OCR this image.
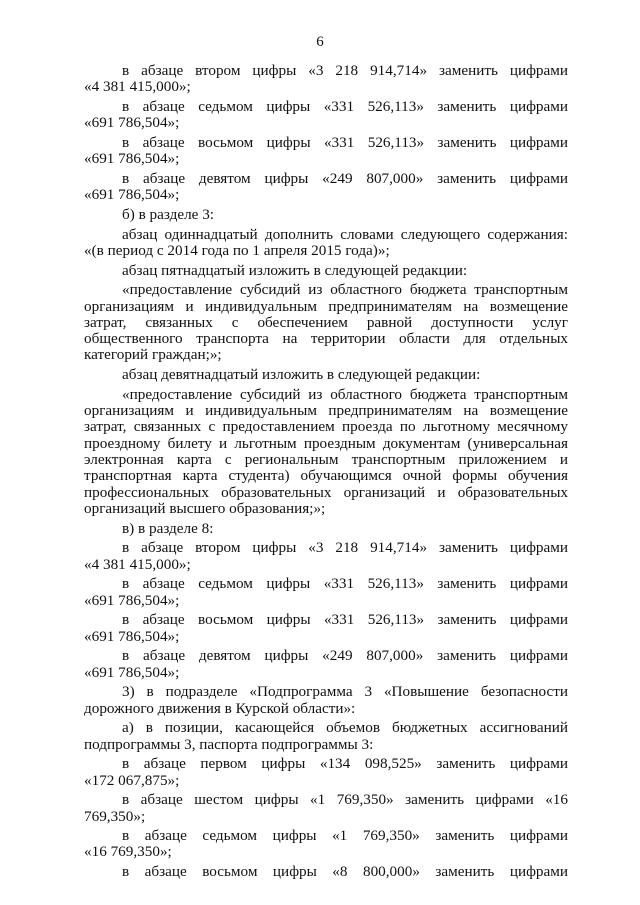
6

в абзаце втором цифры «3 218 914,714» заменить цифрами

«4 381 415,000»;

в абзаце седьмом цифры «331 526,113» заменить цифрами

«691 786,504»;

в абзаце восьмом цифры «331 526,113» заменить цифрами

«691 786,504»;

в абзаце девятом цифры «249 807,000» заменить цифрами

«691 786,504»;

б) в разделе 3:

абзац одиннадцатый дополнить словами следующего содержания: «(в период с 2014 года по 1 апреля 2015 года)»;

абзац пятнадцатый изложить в следующей редакции:

«предоставление субсидий из областного бюджета транспортным организациям и индивидуальным предпринимателям на возмещение затрат, связанных с обеспечением равной доступности услуг общественного транспорта на территории области для отдельных категорий граждан;»;

абзац девятнадцатый изложить в следующей редакции:

«предоставление субсидий из областного бюджета транспортным организациям и индивидуальным предпринимателям на возмещение затрат, связанных с предоставлением проезда по льготному месячному проездному билету и льготным проездным документам (универсальная электронная карта с региональным транспортным приложением и транспортная карта студента) обучающимся очной формы обучения профессиональных образовательных организаций и образовательных организаций высшего образования;»;

в) в разделе 8:

в абзаце втором цифры «3 218 914,714» заменить цифрами

«4 381 415,000»;

в абзаце седьмом цифры «331 526,113» заменить цифрами

«691 786,504»;

в абзаце восьмом цифры «331 526,113» заменить цифрами

«691 786,504»;

в абзаце девятом цифры «249 807,000» заменить цифрами

«691 786,504»;

3) в подразделе «Подпрограмма 3 «Повышение безопасности дорожного движения в Курской области»:

а) в позиции, касающейся объемов бюджетных ассигнований подпрограммы 3, паспорта подпрограммы 3:

в абзаце первом цифры «134 098,525» заменить цифрами

«172 067,875»;

в абзаце шестом цифры «1 769,350» заменить цифрами «16 769,350»;

в абзаце седьмом цифры «1 769,350» заменить цифрами

«16 769,350»;

в абзаце восьмом цифры «8 800,000» заменить цифрами
